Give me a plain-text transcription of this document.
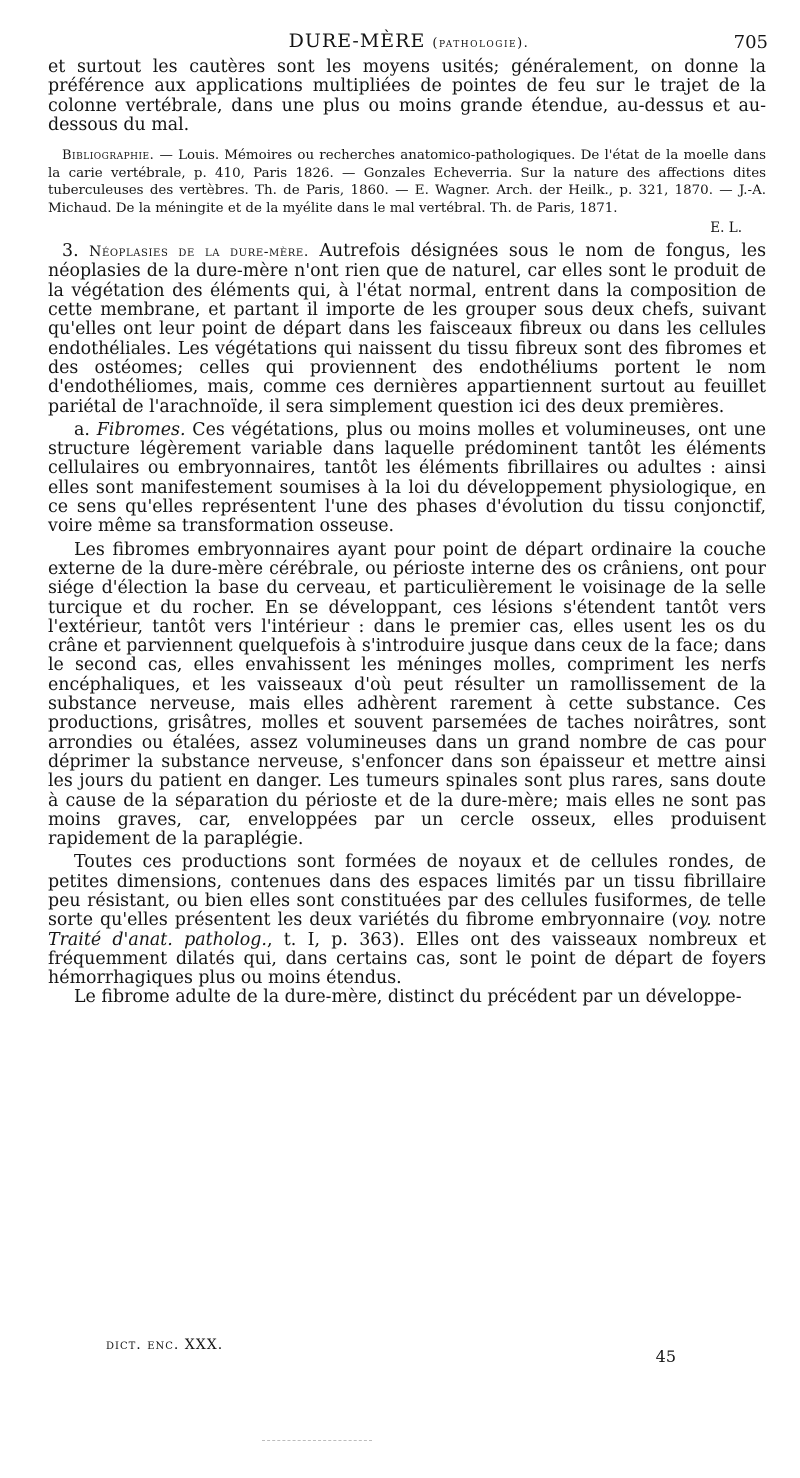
DURE-MÈRE (pathologie).	705

et surtout les cautères sont les moyens usités; généralement, on donne la préférence aux applications multipliées de pointes de feu sur le trajet de la colonne vertébrale, dans une plus ou moins grande étendue, au-dessus et au-dessous du mal.

Bibliographie. — Louis. Mémoires ou recherches anatomico-pathologiques. De l'état de la moelle dans la carie vertébrale, p. 410, Paris 1826. — Gonzales Echeverria. Sur la nature des affections dites tuberculeuses des vertèbres. Th. de Paris, 1860. — E. Wagner. Arch. der Heilk., p. 321, 1870. — J.-A. Michaud. De la méningite et de la myélite dans le mal vertébral. Th. de Paris, 1871.

E. L.

3. Néoplasies de la dure-mère. Autrefois désignées sous le nom de fongus, les néoplasies de la dure-mère n'ont rien que de naturel, car elles sont le produit de la végétation des éléments qui, à l'état normal, entrent dans la composition de cette membrane, et partant il importe de les grouper sous deux chefs, suivant qu'elles ont leur point de départ dans les faisceaux fibreux ou dans les cellules endothéliales. Les végétations qui naissent du tissu fibreux sont des fibromes et des ostéomes; celles qui proviennent des endothéliums portent le nom d'endothéliomes, mais, comme ces dernières appartiennent surtout au feuillet pariétal de l'arachnoïde, il sera simplement question ici des deux premières.

a. Fibromes. Ces végétations, plus ou moins molles et volumineuses, ont une structure légèrement variable dans laquelle prédominent tantôt les éléments cellulaires ou embryonnaires, tantôt les éléments fibrillaires ou adultes : ainsi elles sont manifestement soumises à la loi du développement physiologique, en ce sens qu'elles représentent l'une des phases d'évolution du tissu conjonctif, voire même sa transformation osseuse.

Les fibromes embryonnaires ayant pour point de départ ordinaire la couche externe de la dure-mère cérébrale, ou périoste interne des os crâniens, ont pour siége d'élection la base du cerveau, et particulièrement le voisinage de la selle turcique et du rocher. En se développant, ces lésions s'étendent tantôt vers l'extérieur, tantôt vers l'intérieur : dans le premier cas, elles usent les os du crâne et parviennent quelquefois à s'introduire jusque dans ceux de la face; dans le second cas, elles envahissent les méninges molles, compriment les nerfs encéphaliques, et les vaisseaux d'où peut résulter un ramollissement de la substance nerveuse, mais elles adhèrent rarement à cette substance. Ces productions, grisâtres, molles et souvent parsemées de taches noirâtres, sont arrondies ou étalées, assez volumineuses dans un grand nombre de cas pour déprimer la substance nerveuse, s'enfoncer dans son épaisseur et mettre ainsi les jours du patient en danger. Les tumeurs spinales sont plus rares, sans doute à cause de la séparation du périoste et de la dure-mère; mais elles ne sont pas moins graves, car, enveloppées par un cercle osseux, elles produisent rapidement de la paraplégie.

Toutes ces productions sont formées de noyaux et de cellules rondes, de petites dimensions, contenues dans des espaces limités par un tissu fibrillaire peu résistant, ou bien elles sont constituées par des cellules fusiformes, de telle sorte qu'elles présentent les deux variétés du fibrome embryonnaire (voy. notre Traité d'anat. patholog., t. I, p. 363). Elles ont des vaisseaux nombreux et fréquemment dilatés qui, dans certains cas, sont le point de départ de foyers hémorrhagiques plus ou moins étendus.

Le fibrome adulte de la dure-mère, distinct du précédent par un développe-

dict. enc. XXX.
45
